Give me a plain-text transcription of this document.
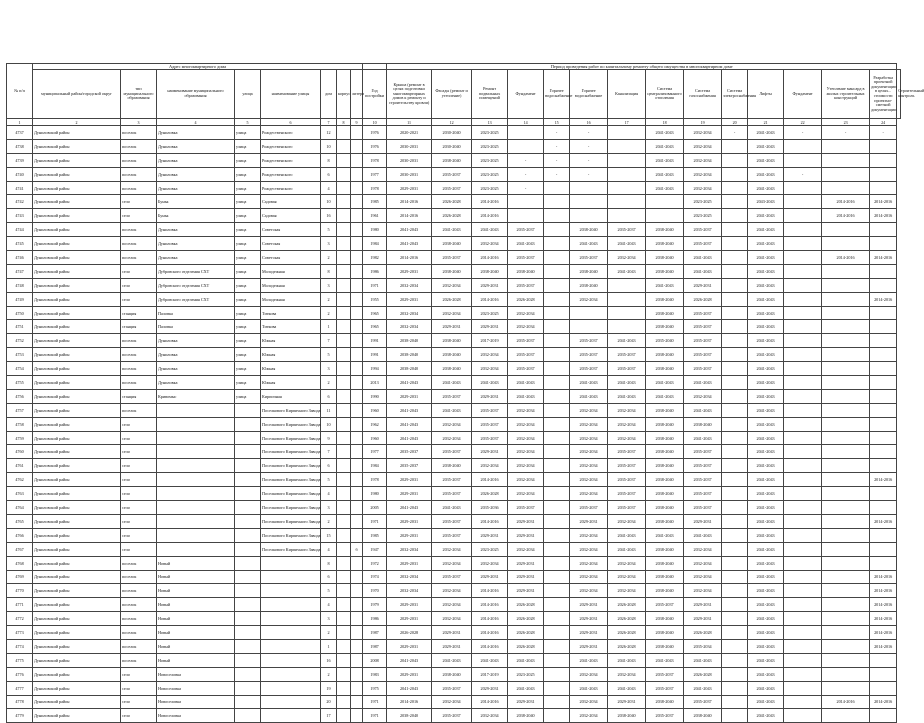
№ п/п	Адрес многоквартирного дома									Период проведения работ по капитальному ремонту общего имущества в многоквартирном доме														
	муниципальный район/городской округ	тип муниципального образования	наименование муниципального образования	улица	наименование улицы	дом	корпус	литера	Год постройки	Крыша (ремонт в целях подготовки многоквартирных домов к ремонту и строительству кровли)	Фасады (ремонт и утепление)	Ремонт подвальных помещений	Фундамент	Горячее водоснабжение	Горячее водоснабжение	Канализация	Система централизованного отопления	Система газоснабжения	Система электроснабжения	Лифты	Фундамент	Утепление мансард в жилых строительных конструкций	Разработка проектной документации в целях... стоимости проектно-сметной документации	Строительный контроль
1	2	3	4	5	6	7	8	9	10	11	12	13	14	15	16	17	18	19	20	21	22	23	24	
4737	Дуниловский район	поселок	Дуниловка	улица	Рождественского	12			1976	2020-2021	2030-2040	2023-2025		-	-		2041-2043	2032-2034	-	2041-2043	-	-	-	
4738	Дуниловский район	поселок	Дуниловка	улица	Рождественского	10			1976	2030-2031	2030-2040	2023-2025		-	-		2041-2043	2032-2034		2041-2043				
4739	Дуниловский район	поселок	Дуниловка	улица	Рождественского	8			1978	2030-2031	2038-2040	2023-2025	-	-	-		2041-2043	2032-2034		2041-2043				
4740	Дуниловский район	поселок	Дуниловка	улица	Рождественского	6			1977	2030-2031	2035-2037	2023-2025	-	-	-		2041-2043	2032-2034		2041-2043	-			
4741	Дуниловский район	поселок	Дуниловка	улица	Рождественского	4			1978	2029-2031	2035-2037	2023-2025	-				2041-2043	2032-2034		2041-2043				
4742	Дуниловский район	село	Буньк	улица	Садовая	10			1985	2014-2016	2026-2028	2014-2016						2023-2025		2043-2043		2014-2016	2014-2016	
4743	Дуниловский район	село	Буньк	улица	Садовая	16			1961	2014-2016	2026-2028	2014-2016						2023-2025		2041-2043		2014-2016	2014-2016	
4744	Дуниловский район	поселок	Дуниловка	улица	Советская	5			1980	2041-2043	2041-2043	2041-2043	2035-2037		2038-2040	2035-2037	2038-2040	2035-2037		2041-2043				
4745	Дуниловский район	поселок	Дуниловка	улица	Советская	3			1984	2041-2043	2038-2040	2032-2034	2041-2043		2041-2043	2041-2043	2038-2040	2035-2037		2041-2043				
4746	Дуниловский район	поселок	Дуниловка	улица	Советская	2			1982	2014-2016	2035-2037	2014-2016	2035-2037		2035-2037	2032-2034	2038-2040	2041-2043		2041-2043		2014-2016	2014-2016	
4747	Дуниловский район	село	Дубровского отделения СХТ	улица	Молодежная	8			1986	2029-2031	2038-2040	2038-2040	2038-2040		2038-2040	2041-2043	2038-2040	2041-2043		2041-2043				
4748	Дуниловский район	село	Дубровского отделения СХТ	улица	Молодежная	3			1971	2032-2034	2032-2034	2029-2031	2035-2037		2038-2040		2041-2043	2029-2031		2041-2043				
4749	Дуниловский район	село	Дубровского отделения СХТ	улица	Молодежная	2			1955	2029-2031	2026-2028	2014-2016	2026-2028		2032-2034		2038-2040	2026-2028		2041-2043			2014-2016	
4750	Дуниловский район	станция	Паловка	улица	Титкова	2			1965	2032-2034	2032-2034	2023-2025	2032-2034				2038-2040	2035-2037		2041-2043				
4751	Дуниловский район	станция	Паловка	улица	Титкова	1			1965	2032-2034	2029-2031	2029-2031	2032-2034				2038-2040	2035-2037		2041-2043				
4752	Дуниловский район	поселок	Дуниловка	улица	Южная	7			1991	2038-2040	2038-2040	2017-2019	2035-2037		2035-2037	2041-2043	2035-2040	2035-2037		2041-2043				
4753	Дуниловский район	поселок	Дуниловка	улица	Южная	5			1991	2038-2040	2038-2040	2032-2034	2035-2037		2035-2037	2035-2037	2038-2040	2035-2037		2041-2043				
4754	Дуниловский район	поселок	Дуниловка	улица	Южная	3			1994	2038-2040	2038-2040	2032-2034	2035-2037		2035-2037	2035-2037	2038-2040	2035-2037		2041-2043				
4755	Дуниловский район	поселок	Дуниловка	улица	Южная	2			2013	2041-2043	2041-2043	2041-2043	2041-2043		2041-2043	2041-2043	2041-2043	2041-2043		2041-2043				
4756	Дуниловский район	станция	Кривомыс	улица	Кирпичная	6			1990	2029-2031	2035-2037	2029-2031	2041-2043		2041-2043	2041-2043	2041-2043	2032-2034		2041-2043				
4757	Дуниловский район	поселок			Поселкового Кирпичного Завода	11			1960	2041-2043	2041-2043	2035-2037	2032-2034		2032-2034	2032-2034	2038-2040	2041-2043		2041-2043				
4758	Дуниловский район	село			Поселкового Кирпичного Завода	10			1962	2041-2043	2032-2034	2035-2037	2032-2034		2032-2034	2032-2034	2038-2040	2038-2040		2041-2043				
4759	Дуниловский район	село			Поселкового Кирпичного Завода	9			1960	2041-2043	2032-2034	2035-2037	2032-2034		2032-2034	2032-2034	2038-2040	2041-2043		2041-2043				
4760	Дуниловский район	село			Поселкового Кирпичного Завода	7			1977	2035-2037	2035-2037	2029-2031	2032-2034		2032-2034	2035-2037	2038-2040	2035-2037		2041-2043				
4761	Дуниловский район	село			Поселкового Кирпичного Завода	6			1984	2035-2037	2038-2040	2032-2034	2032-2034		2032-2034	2035-2037	2038-2040	2035-2037		2041-2043				
4762	Дуниловский район	село			Поселкового Кирпичного Завода	5			1978	2029-2031	2035-2037	2014-2016	2032-2034		2032-2034	2035-2037	2038-2040	2035-2037		2041-2043			2014-2016	
4763	Дуниловский район	село			Поселкового Кирпичного Завода	4			1980	2029-2031	2035-2037	2026-2028	2032-2034		2032-2034	2035-2037	2038-2040	2035-2037		2041-2043				
4764	Дуниловский район	село			Поселкового Кирпичного Завода	3			2005	2041-2043	2041-2043	2035-2036	2035-2037		2035-2037	2035-2037	2038-2040	2035-2037		2041-2043				
4765	Дуниловский район	село			Поселкового Кирпичного Завода	2			1971	2029-2031	2035-2037	2014-2016	2029-2031		2029-2031	2032-2034	2038-2040	2029-2031		2041-2043			2014-2016	
4766	Дуниловский район	село			Поселкового Кирпичного Завода	15			1985	2029-2031	2035-2037	2029-2031	2029-2031		2032-2034	2041-2043	2041-2043	2041-2043		2041-2043				
4767	Дуниловский район	село			Поселкового Кирпичного Завода	4		б	1947	2032-2034	2032-2034	2023-2025	2032-2034		2032-2034	2041-2043	2038-2040	2032-2034		2041-2043				
4768	Дуниловский район	поселок	Новый			8			1972	2029-2031	2032-2034	2032-2034	2029-2031		2032-2034	2032-2034	2038-2040	2032-2034		2041-2043				
4769	Дуниловский район	поселок	Новый			6			1974	2032-2034	2035-2037	2029-2031	2029-2031		2032-2034	2032-2034	2038-2040	2032-2034		2041-2043			2014-2016	
4770	Дуниловский район	поселок	Новый			5			1970	2032-2034	2032-2034	2014-2016	2029-2031		2032-2034	2032-2034	2038-2040	2032-2034		2041-2043			2014-2016	
4771	Дуниловский район	поселок	Новый			4			1979	2029-2031	2032-2034	2014-2016	2026-2028		2029-2031	2026-2028	2035-2037	2029-2031		2041-2043			2014-2016	
4772	Дуниловский район	поселок	Новый			3			1986	2029-2031	2032-2034	2014-2016	2026-2028		2029-2031	2026-2028	2038-2040	2029-2031		2041-2043			2014-2016	
4773	Дуниловский район	поселок	Новый			2			1987	2026-2028	2029-2031	2014-2016	2026-2028		2029-2031	2026-2028	2038-2040	2026-2028		2041-2043			2014-2016	
4774	Дуниловский район	поселок	Новый			1			1987	2029-2031	2029-2031	2014-2016	2026-2028		2029-2031	2026-2028	2038-2040	2035-2034		2041-2043			2014-2016	
4775	Дуниловский район	поселок	Новый			16			2008	2041-2043	2041-2043	2041-2043	2041-2043		2041-2043	2041-2043	2041-2043	2041-2043		2041-2043				
4776	Дуниловский район	село	Новоселовка			2			1983	2029-2031	2038-2040	2017-2019	2023-2025		2032-2034	2032-2034	2035-2037	2026-2028		2041-2043				
4777	Дуниловский район	село	Новоселовка			19			1975	2041-2043	2035-2037	2029-2031	2041-2043		2041-2043	2041-2043	2035-2037	2041-2043		2041-2043				
4778	Дуниловский район	село	Новоселовка			20			1971	2014-2016	2032-2034	2014-2016	2029-2031		2032-2034	2029-2031	2038-2040	2035-2037		2041-2043		2014-2016	2014-2016	
4779	Дуниловский район	село	Новоселовка			17			1971	2038-2040	2035-2037	2032-2034	2038-2040		2032-2034	2038-2040	2035-2037	2038-2040		2041-2043				
